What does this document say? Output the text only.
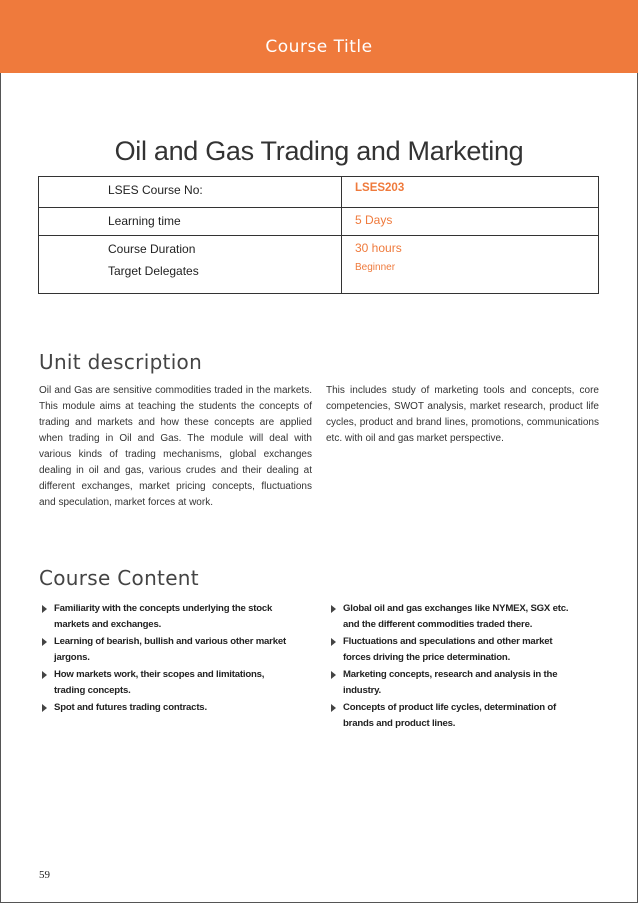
Course Title
Oil and Gas Trading and Marketing
LSES Course No:	LSES203
Learning time	5 Days
Course Duration	30 hours
Target Delegates	Beginner
Unit description

Oil and Gas are sensitive commodities traded in the markets. This module aims at teaching the students the concepts of trading and markets and how these concepts are applied when trading in Oil and Gas. The module will deal with various kinds of trading mechanisms, global exchanges dealing in oil and gas, various crudes and their dealing at different exchanges, market pricing concepts, fluctuations and speculation, market forces at work.

This includes study of marketing tools and concepts, core competencies, SWOT analysis, market research, product life cycles, product and brand lines, promotions, communications etc. with oil and gas market perspective.

Course Content
Familiarity with the concepts underlying the stock markets and exchanges.
Learning of bearish, bullish and various other market jargons.
How markets work, their scopes and limitations, trading concepts.
Spot and futures trading contracts.
Global oil and gas exchanges like NYMEX, SGX etc. and the different commodities traded there.
Fluctuations and speculations and other market forces driving the price determination.
Marketing concepts, research and analysis in the industry.
Concepts of product life cycles, determination of brands and product lines.
59
